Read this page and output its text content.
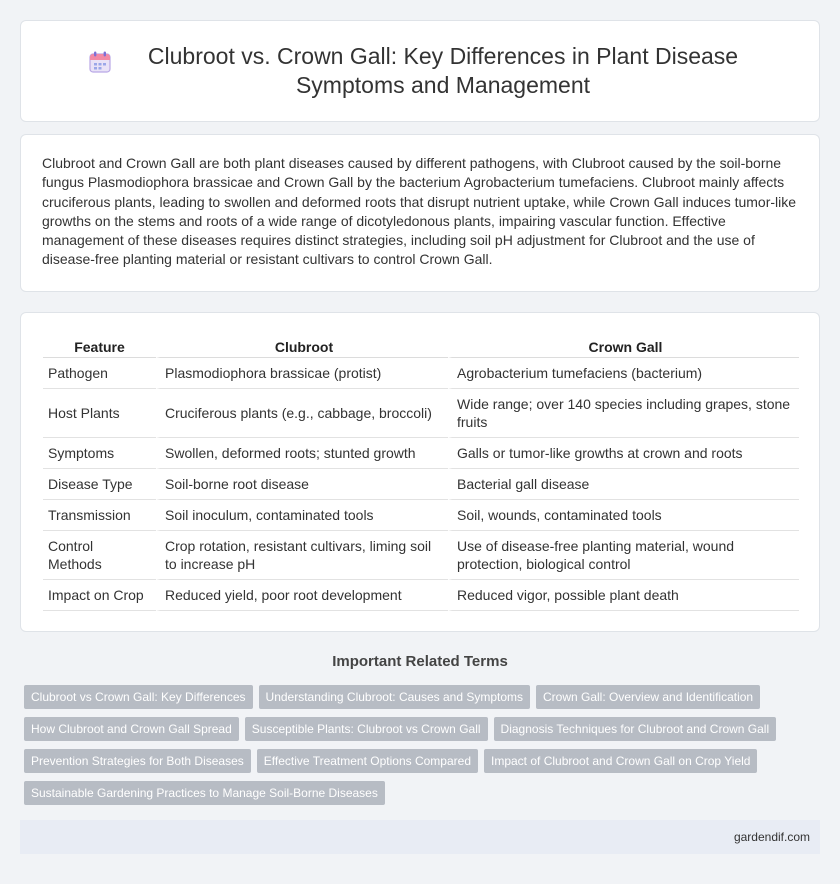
Clubroot vs. Crown Gall: Key Differences in Plant Disease Symptoms and Management

Clubroot and Crown Gall are both plant diseases caused by different pathogens, with Clubroot caused by the soil-borne fungus Plasmodiophora brassicae and Crown Gall by the bacterium Agrobacterium tumefaciens. Clubroot mainly affects cruciferous plants, leading to swollen and deformed roots that disrupt nutrient uptake, while Crown Gall induces tumor-like growths on the stems and roots of a wide range of dicotyledonous plants, impairing vascular function. Effective management of these diseases requires distinct strategies, including soil pH adjustment for Clubroot and the use of disease-free planting material or resistant cultivars to control Crown Gall.

Feature	Clubroot	Crown Gall
Pathogen	Plasmodiophora brassicae (protist)	Agrobacterium tumefaciens (bacterium)
Host Plants	Cruciferous plants (e.g., cabbage, broccoli)	Wide range; over 140 species including grapes, stone fruits
Symptoms	Swollen, deformed roots; stunted growth	Galls or tumor-like growths at crown and roots
Disease Type	Soil-borne root disease	Bacterial gall disease
Transmission	Soil inoculum, contaminated tools	Soil, wounds, contaminated tools
Control Methods	Crop rotation, resistant cultivars, liming soil to increase pH	Use of disease-free planting material, wound protection, biological control
Impact on Crop	Reduced yield, poor root development	Reduced vigor, possible plant death
Important Related Terms
Clubroot vs Crown Gall: Key Differences Understanding Clubroot: Causes and Symptoms Crown Gall: Overview and Identification
How Clubroot and Crown Gall Spread Susceptible Plants: Clubroot vs Crown Gall Diagnosis Techniques for Clubroot and Crown Gall
Prevention Strategies for Both Diseases Effective Treatment Options Compared Impact of Clubroot and Crown Gall on Crop Yield
Sustainable Gardening Practices to Manage Soil-Borne Diseases
gardendif.com
